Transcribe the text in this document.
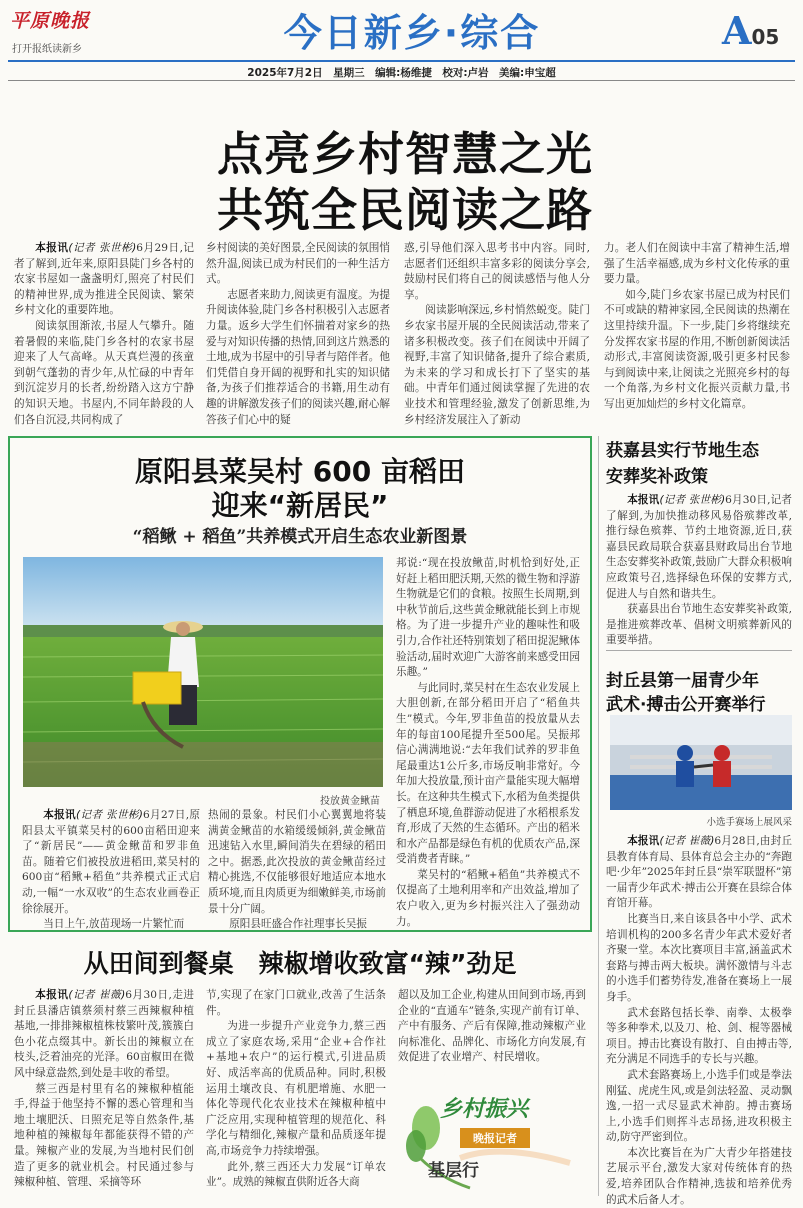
平原晚报
打开报纸读新乡	今日新乡·综合	A05
2025年7月2日　星期三　编辑:杨维捷　校对:卢岩　美编:申宝超
点亮乡村智慧之光
共筑全民阅读之路

本报讯(记者 张世彬)6月29日,记者了解到,近年来,原阳县陡门乡各村的农家书屋如一盏盏明灯,照亮了村民们的精神世界,成为推进全民阅读、繁荣乡村文化的重要阵地。

阅读氛围渐浓,书屋人气攀升。随着暑假的来临,陡门乡各村的农家书屋迎来了人气高峰。从天真烂漫的孩童到朝气蓬勃的青少年,从忙碌的中青年到沉淀岁月的长者,纷纷踏入这方宁静的知识天地。书屋内,不同年龄段的人们各自沉浸,共同构成了

乡村阅读的美好图景,全民阅读的氛围悄然升温,阅读已成为村民们的一种生活方式。

志愿者来助力,阅读更有温度。为提升阅读体验,陡门乡各村积极引入志愿者力量。返乡大学生们怀揣着对家乡的热爱与对知识传播的热情,回到这片熟悉的土地,成为书屋中的引导者与陪伴者。他们凭借自身开阔的视野和扎实的知识储备,为孩子们推荐适合的书籍,用生动有趣的讲解激发孩子们的阅读兴趣,耐心解答孩子们心中的疑

惑,引导他们深入思考书中内容。同时,志愿者们还组织丰富多彩的阅读分享会,鼓励村民们将自己的阅读感悟与他人分享。

阅读影响深远,乡村悄然蜕变。陡门乡农家书屋开展的全民阅读活动,带来了诸多积极改变。孩子们在阅读中开阔了视野,丰富了知识储备,提升了综合素质,为未来的学习和成长打下了坚实的基础。中青年们通过阅读掌握了先进的农业技术和管理经验,激发了创新思维,为乡村经济发展注入了新动

力。老人们在阅读中丰富了精神生活,增强了生活幸福感,成为乡村文化传承的重要力量。

如今,陡门乡农家书屋已成为村民们不可或缺的精神家园,全民阅读的热潮在这里持续升温。下一步,陡门乡将继续充分发挥农家书屋的作用,不断创新阅读活动形式,丰富阅读资源,吸引更多村民参与到阅读中来,让阅读之光照亮乡村的每一个角落,为乡村文化振兴贡献力量,书写出更加灿烂的乡村文化篇章。

原阳县菜吴村 600 亩稻田
迎来“新居民”
“稻鳅 + 稻鱼”共养模式开启生态农业新图景
投放黄金鳅苗

本报讯(记者 张世彬)6月27日,原阳县太平镇菜吴村的600亩稻田迎来了“新居民”——黄金鳅苗和罗非鱼苗。随着它们被投放进稻田,菜吴村的600亩“稻鳅+稻鱼”共养模式正式启动,一幅“一水双收”的生态农业画卷正徐徐展开。

当日上午,放苗现场一片繁忙而

热闹的景象。村民们小心翼翼地将装满黄金鳅苗的水箱缓缓倾斜,黄金鳅苗迅速钻入水里,瞬间消失在碧绿的稻田之中。据悉,此次投放的黄金鳅苗经过精心挑选,不仅能够很好地适应本地水质环境,而且肉质更为细嫩鲜美,市场前景十分广阔。

原阳县旺盛合作社理事长吴振

邦说:“现在投放鳅苗,时机恰到好处,正好赶上稻田肥沃期,天然的微生物和浮游生物就是它们的食粮。按照生长周期,到中秋节前后,这些黄金鳅就能长到上市规格。为了进一步提升产业的趣味性和吸引力,合作社还特别策划了稻田捉泥鳅体验活动,届时欢迎广大游客前来感受田园乐趣。”

与此同时,菜吴村在生态农业发展上大胆创新,在部分稻田开启了“稻鱼共生”模式。今年,罗非鱼苗的投放量从去年的每亩100尾提升至500尾。吴振邦信心满满地说:“去年我们试养的罗非鱼尾最重达1公斤多,市场反响非常好。今年加大投放量,预计亩产量能实现大幅增长。在这种共生模式下,水稻为鱼类提供了栖息环境,鱼群游动促进了水稻根系发育,形成了天然的生态循环。产出的稻米和水产品都是绿色有机的优质农产品,深受消费者青睐。”

菜吴村的“稻鳅+稻鱼”共养模式不仅提高了土地利用率和产出效益,增加了农户收入,更为乡村振兴注入了强劲动力。

从田间到餐桌　辣椒增收致富“辣”劲足

本报讯(记者 崔薇)6月30日,走进封丘县潘店镇蔡须村蔡三西辣椒种植基地,一排排辣椒植株枝繁叶茂,簇簇白色小花点缀其中。新长出的辣椒立在枝头,泛着油亮的光泽。60亩椒田在微风中绿意盎然,到处是丰收的希望。

蔡三西是村里有名的辣椒种植能手,得益于他坚持不懈的悉心管理和当地土壤肥沃、日照充足等自然条件,基地种植的辣椒每年都能获得不错的产量。辣椒产业的发展,为当地村民们创造了更多的就业机会。村民通过参与辣椒种植、管理、采摘等环

节,实现了在家门口就业,改善了生活条件。

为进一步提升产业竞争力,蔡三西成立了家庭农场,采用“企业+合作社+基地+农户”的运行模式,引进品质好、成活率高的优质品种。同时,积极运用土壤改良、有机肥增施、水肥一体化等现代化农业技术在辣椒种植中广泛应用,实现种植管理的规范化、科学化与精细化,辣椒产量和品质逐年提高,市场竞争力持续增强。

此外,蔡三西还大力发展“订单农业”。成熟的辣椒直供附近各大商

超以及加工企业,构建从田间到市场,再到企业的“直通车”链条,实现产前有订单、产中有服务、产后有保障,推动辣椒产业向标准化、品牌化、市场化方向发展,有效促进了农业增产、村民增收。

乡村振兴
晚报记者
基层行
获嘉县实行节地生态
安葬奖补政策

本报讯(记者 张世彬)6月30日,记者了解到,为加快推动移风易俗殡葬改革,推行绿色殡葬、节约土地资源,近日,获嘉县民政局联合获嘉县财政局出台节地生态安葬奖补政策,鼓励广大群众积极响应政策号召,选择绿色环保的安葬方式,促进人与自然和谐共生。

获嘉县出台节地生态安葬奖补政策,是推进殡葬改革、倡树文明殡葬新风的重要举措。

封丘县第一届青少年
武术·搏击公开赛举行
小选手赛场上展风采

本报讯(记者 崔薇)6月28日,由封丘县教育体育局、县体育总会主办的“奔跑吧·少年”2025年封丘县“崇军联盟杯”第一届青少年武术·搏击公开赛在县综合体育馆开幕。

比赛当日,来自该县各中小学、武术培训机构的200多名青少年武术爱好者齐聚一堂。本次比赛项目丰富,涵盖武术套路与搏击两大板块。满怀激情与斗志的小选手们蓄势待发,准备在赛场上一展身手。

武术套路包括长拳、南拳、太极拳等多种拳术,以及刀、枪、剑、棍等器械项目。搏击比赛设有散打、自由搏击等,充分满足不同选手的专长与兴趣。

武术套路赛场上,小选手们或是拳法刚猛、虎虎生风,或是剑法轻盈、灵动飘逸,一招一式尽显武术神韵。搏击赛场上,小选手们则挥斗志昂扬,进攻积极主动,防守严密到位。

本次比赛旨在为广大青少年搭建技艺展示平台,激发大家对传统体育的热爱,培养团队合作精神,选拔和培养优秀的武术后备人才。
